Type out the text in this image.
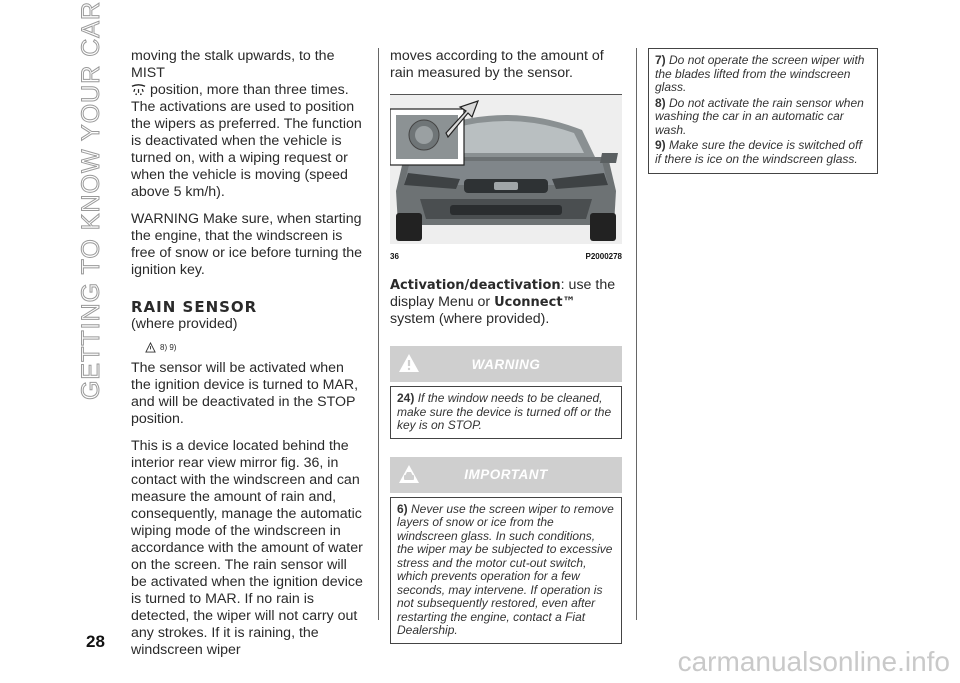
GETTING TO KNOW YOUR CAR moving the stalk upwards, to the MIST
position, more than three times.

The activations are used to position the wipers as preferred. The function is deactivated when the vehicle is turned on, with a wiping request or when the vehicle is moving (speed above 5 km/h).

WARNING Make sure, when starting the engine, that the windscreen is free of snow or ice before turning the ignition key.

RAIN SENSOR

(where provided)

8) 9)

The sensor will be activated when the ignition device is turned to MAR, and will be deactivated in the STOP position.

This is a device located behind the interior rear view mirror fig. 36, in contact with the windscreen and can measure the amount of rain and, consequently, manage the automatic wiping mode of the windscreen in accordance with the amount of water on the screen. The rain sensor will be activated when the ignition device is turned to MAR. If no rain is detected, the wiper will not carry out any strokes. If it is raining, the windscreen wiper

moves according to the amount of rain measured by the sensor.

36	P2000278

Activation/deactivation: use the display Menu or Uconnect™ system (where provided).

WARNING
24) If the window needs to be cleaned, make sure the device is turned off or the key is on STOP.
IMPORTANT
6) Never use the screen wiper to remove layers of snow or ice from the windscreen glass. In such conditions, the wiper may be subjected to excessive stress and the motor cut-out switch, which prevents operation for a few seconds, may intervene. If operation is not subsequently restored, even after restarting the engine, contact a Fiat Dealership.

7) Do not operate the screen wiper with the blades lifted from the windscreen glass.

8) Do not activate the rain sensor when washing the car in an automatic car wash.

9) Make sure the device is switched off if there is ice on the windscreen glass.

28
carmanualsonline.info
